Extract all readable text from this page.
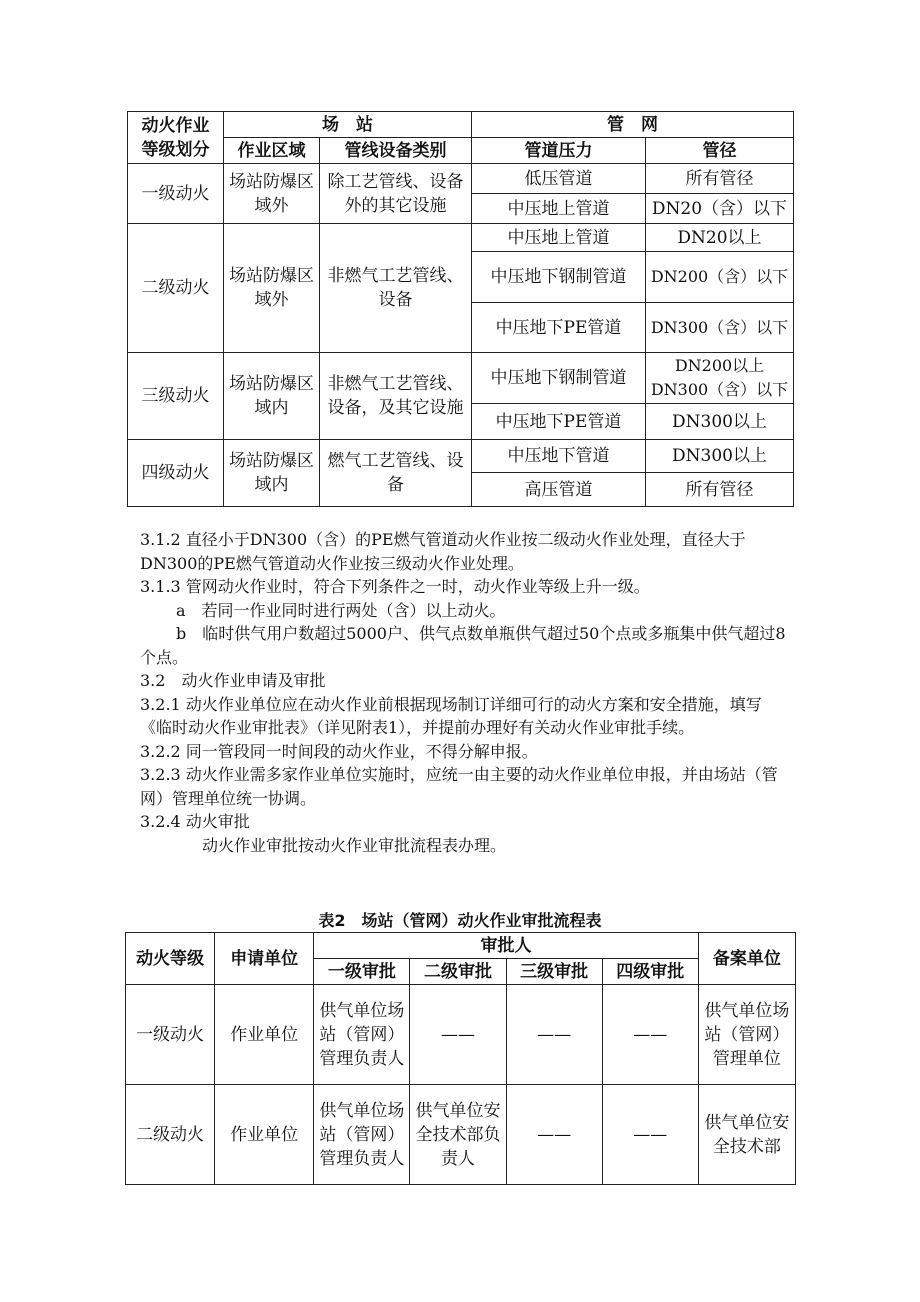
动火作业
等级划分	场　站		管　网	
	作业区域	管线设备类别	管道压力	管径
一级动火	场站防爆区域外	除工艺管线、设备外的其它设施	低压管道	所有管径
			中压地上管道	DN20（含）以下
二级动火	场站防爆区域外	非燃气工艺管线、设备	中压地上管道	DN20以上
			中压地下钢制管道	DN200（含）以下
			中压地下PE管道	DN300（含）以下
三级动火	场站防爆区域内	非燃气工艺管线、设备，及其它设施	中压地下钢制管道	DN200以上DN300（含）以下
			中压地下PE管道	DN300以上
四级动火	场站防爆区域内	燃气工艺管线、设备	中压地下管道	DN300以上
			高压管道	所有管径

3.1.2 直径小于DN300（含）的PE燃气管道动火作业按二级动火作业处理，直径大于DN300的PE燃气管道动火作业按三级动火作业处理。

3.1.3 管网动火作业时，符合下列条件之一时，动火作业等级上升一级。

a　若同一作业同时进行两处（含）以上动火。

b　临时供气用户数超过5000户、供气点数单瓶供气超过50个点或多瓶集中供气超过8个点。

3.2　动火作业申请及审批

3.2.1 动火作业单位应在动火作业前根据现场制订详细可行的动火方案和安全措施，填写《临时动火作业审批表》（详见附表1），并提前办理好有关动火作业审批手续。

3.2.2 同一管段同一时间段的动火作业，不得分解申报。

3.2.3 动火作业需多家作业单位实施时，应统一由主要的动火作业单位申报，并由场站（管网）管理单位统一协调。

3.2.4 动火审批

动火作业审批按动火作业审批流程表办理。

表2　场站（管网）动火作业审批流程表
动火等级	申请单位	审批人				备案单位
		一级审批	二级审批	三级审批	四级审批	
一级动火	作业单位	供气单位场站（管网）管理负责人	——	——	——	供气单位场站（管网）管理单位
二级动火	作业单位	供气单位场站（管网）管理负责人	供气单位安全技术部负责人	——	——	供气单位安全技术部
